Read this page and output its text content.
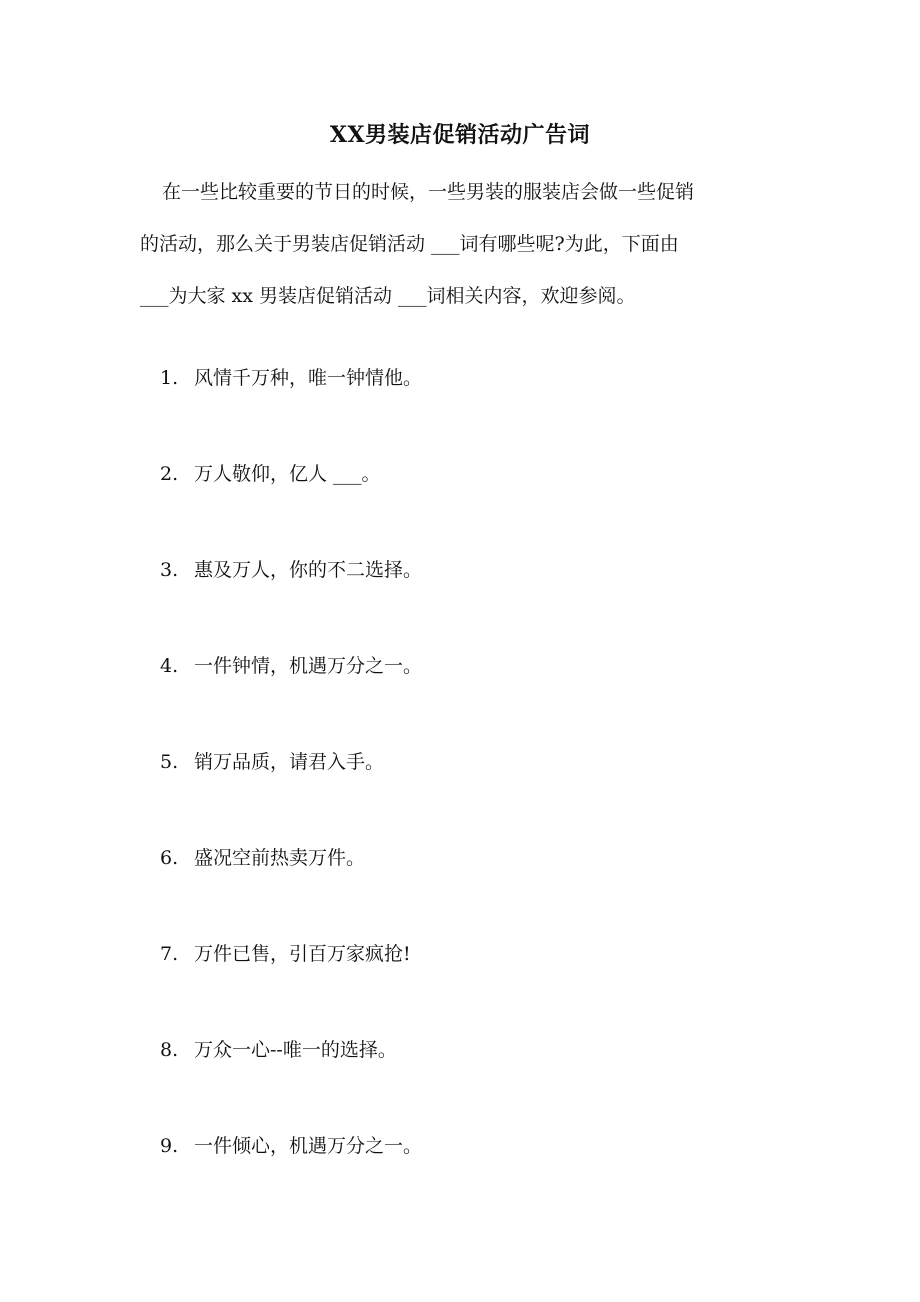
XX男装店促销活动广告词

在一些比较重要的节日的时候，一些男装的服装店会做一些促销

的活动，那么关于男装店促销活动 ___词有哪些呢?为此，下面由

___为大家 xx 男装店促销活动 ___词相关内容，欢迎参阅。

1. 风情千万种，唯一钟情他。
2. 万人敬仰，亿人 ___。
3. 惠及万人，你的不二选择。
4. 一件钟情，机遇万分之一。
5. 销万品质，请君入手。
6. 盛况空前热卖万件。
7. 万件已售，引百万家疯抢!
8. 万众一心--唯一的选择。
9. 一件倾心，机遇万分之一。
